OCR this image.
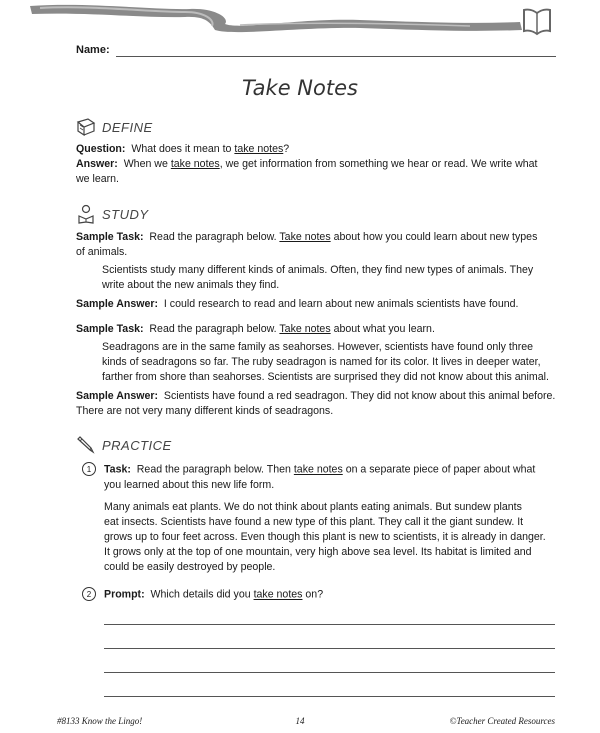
Name:
Take Notes
DEFINE
Question: What does it mean to take notes?
Answer: When we take notes, we get information from something we hear or read. We write what
we learn.
STUDY
Sample Task: Read the paragraph below. Take notes about how you could learn about new types
of animals.
Scientists study many different kinds of animals. Often, they find new types of animals. They
write about the new animals they find.
Sample Answer: I could research to read and learn about new animals scientists have found.
Sample Task: Read the paragraph below. Take notes about what you learn.
Seadragons are in the same family as seahorses. However, scientists have found only three
kinds of seadragons so far. The ruby seadragon is named for its color. It lives in deeper water,
farther from shore than seahorses. Scientists are surprised they did not know about this animal.
Sample Answer: Scientists have found a red seadragon. They did not know about this animal before.
There are not very many different kinds of seadragons.
PRACTICE
1 Task: Read the paragraph below. Then take notes on a separate piece of paper about what
you learned about this new life form.
Many animals eat plants. We do not think about plants eating animals. But sundew plants
eat insects. Scientists have found a new type of this plant. They call it the giant sundew. It
grows up to four feet across. Even though this plant is new to scientists, it is already in danger.
It grows only at the top of one mountain, very high above sea level. Its habitat is limited and
could be easily destroyed by people.
2 Prompt: Which details did you take notes on?
#8133 Know the Lingo!	14	©Teacher Created Resources
